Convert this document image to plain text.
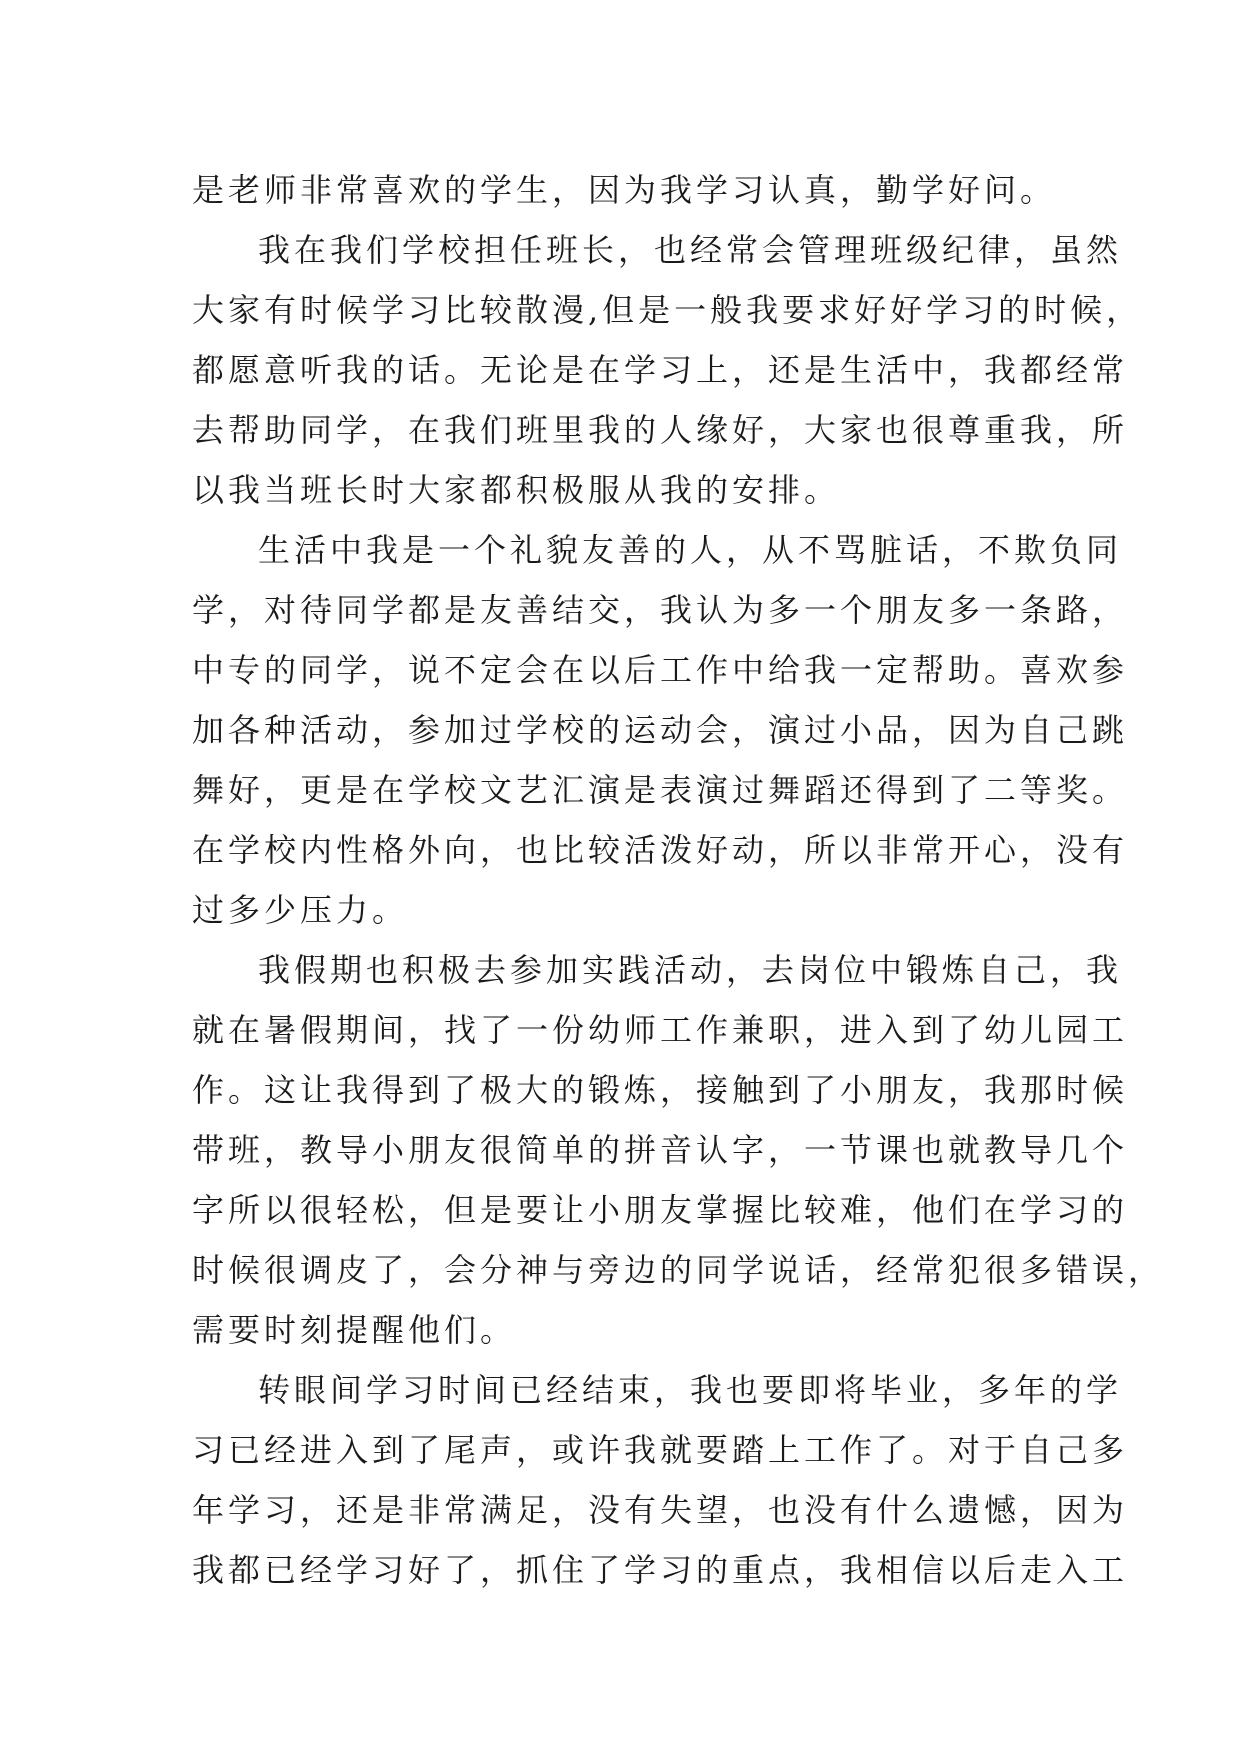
是老师非常喜欢的学生，因为我学习认真，勤学好问。
我在我们学校担任班长，也经常会管理班级纪律，虽然
大家有时候学习比较散漫,但是一般我要求好好学习的时候，
都愿意听我的话。无论是在学习上，还是生活中，我都经常
去帮助同学，在我们班里我的人缘好，大家也很尊重我，所
以我当班长时大家都积极服从我的安排。
生活中我是一个礼貌友善的人，从不骂脏话，不欺负同
学，对待同学都是友善结交，我认为多一个朋友多一条路，
中专的同学，说不定会在以后工作中给我一定帮助。喜欢参
加各种活动，参加过学校的运动会，演过小品，因为自己跳
舞好，更是在学校文艺汇演是表演过舞蹈还得到了二等奖。
在学校内性格外向，也比较活泼好动，所以非常开心，没有
过多少压力。
我假期也积极去参加实践活动，去岗位中锻炼自己，我
就在暑假期间，找了一份幼师工作兼职，进入到了幼儿园工
作。这让我得到了极大的锻炼，接触到了小朋友，我那时候
带班，教导小朋友很简单的拼音认字，一节课也就教导几个
字所以很轻松，但是要让小朋友掌握比较难，他们在学习的
时候很调皮了，会分神与旁边的同学说话，经常犯很多错误，
需要时刻提醒他们。
转眼间学习时间已经结束，我也要即将毕业，多年的学
习已经进入到了尾声，或许我就要踏上工作了。对于自己多
年学习，还是非常满足，没有失望，也没有什么遗憾，因为
我都已经学习好了，抓住了学习的重点，我相信以后走入工
